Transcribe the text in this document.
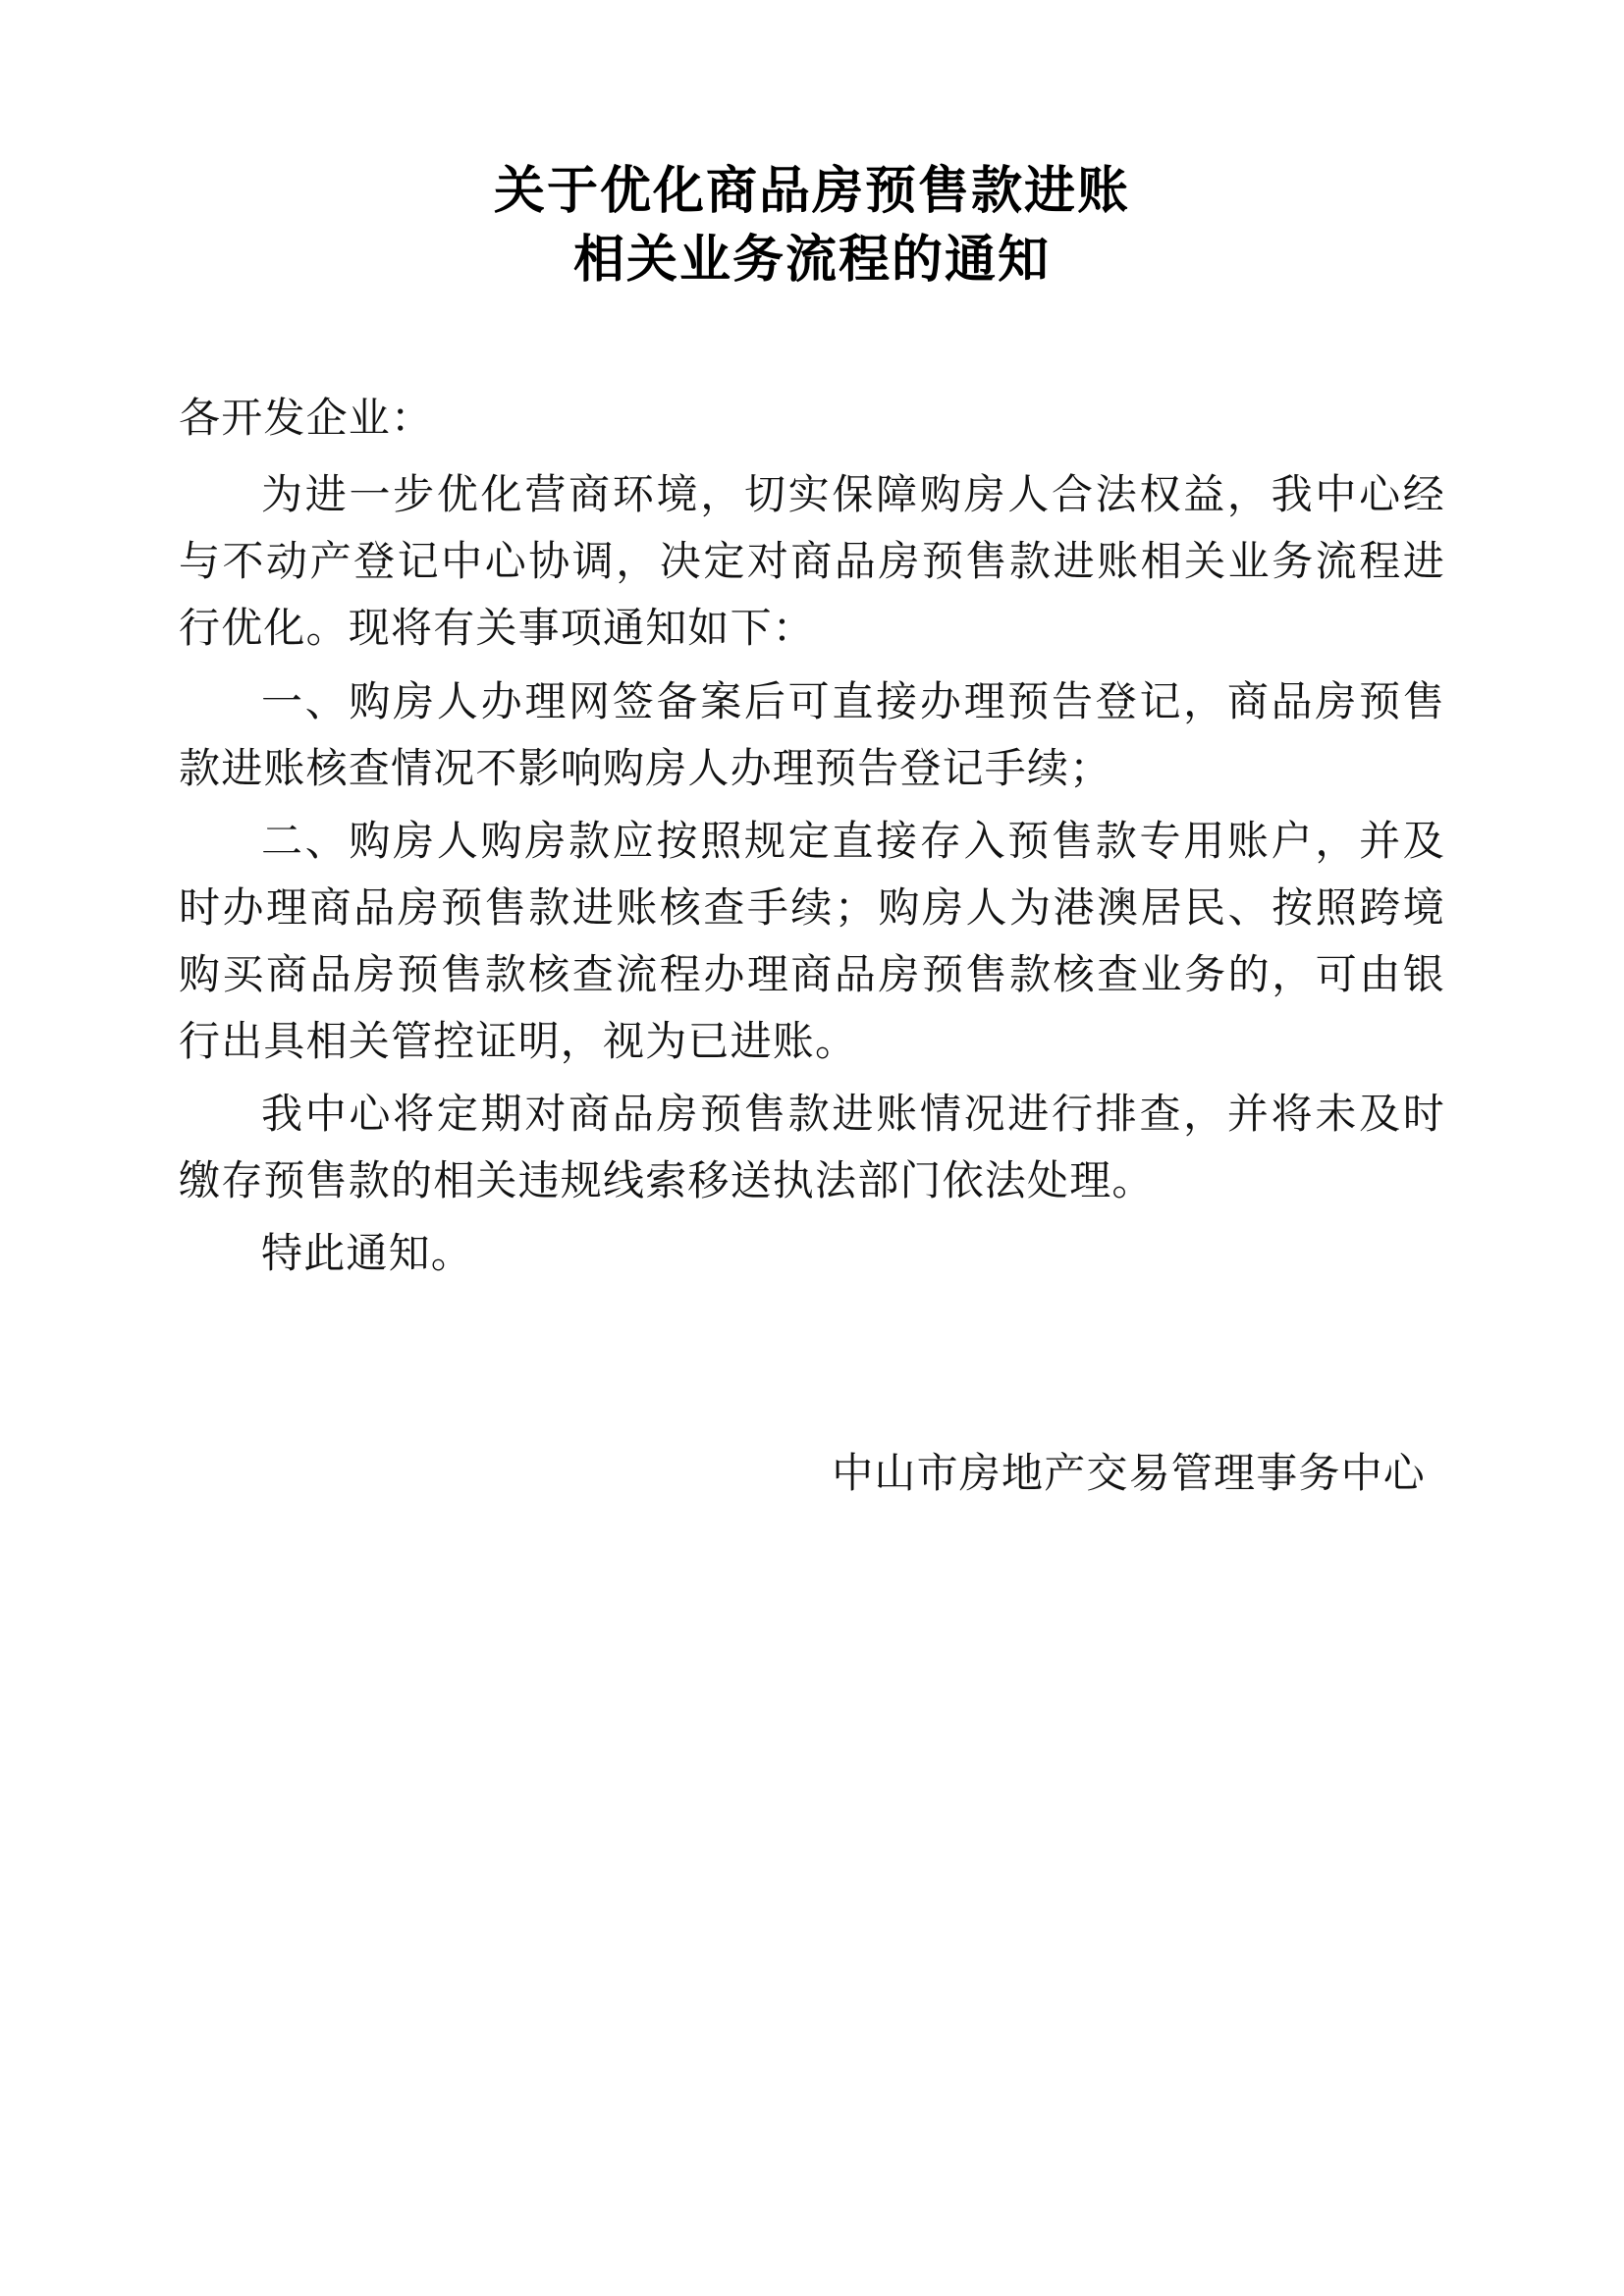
关于优化商品房预售款进账
相关业务流程的通知

各开发企业：

为进一步优化营商环境，切实保障购房人合法权益，我中心经与不动产登记中心协调，决定对商品房预售款进账相关业务流程进行优化。现将有关事项通知如下：

一、购房人办理网签备案后可直接办理预告登记，商品房预售款进账核查情况不影响购房人办理预告登记手续；

二、购房人购房款应按照规定直接存入预售款专用账户，并及时办理商品房预售款进账核查手续；购房人为港澳居民、按照跨境购买商品房预售款核查流程办理商品房预售款核查业务的，可由银行出具相关管控证明，视为已进账。

我中心将定期对商品房预售款进账情况进行排查，并将未及时缴存预售款的相关违规线索移送执法部门依法处理。

特此通知。

中山市房地产交易管理事务中心
